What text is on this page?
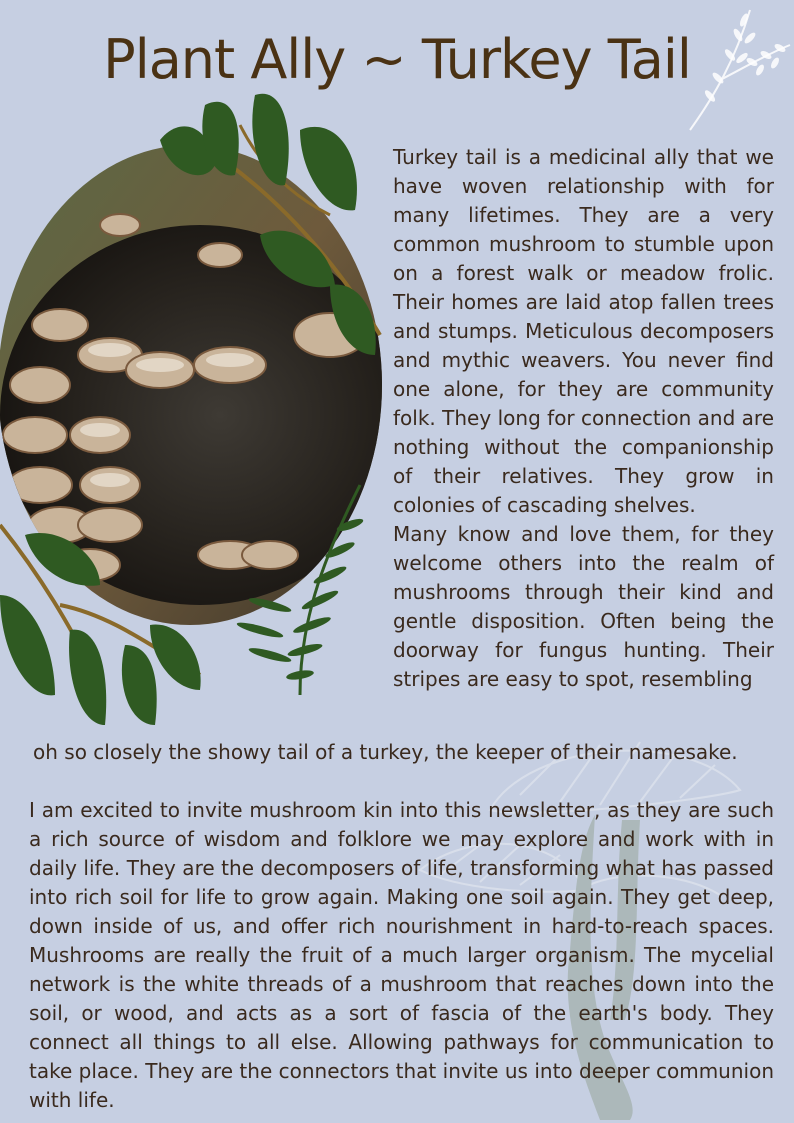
Plant Ally ~ Turkey Tail

Turkey tail is a medicinal ally that we have woven relationship with for many lifetimes. They are a very common mushroom to stumble upon on a forest walk or meadow frolic. Their homes are laid atop fallen trees and stumps. Meticulous decomposers and mythic weavers. You never find one alone, for they are community folk. They long for connection and are nothing without the companionship of their relatives. They grow in colonies of cascading shelves.

Many know and love them, for they welcome others into the realm of mushrooms through their kind and gentle disposition. Often being the doorway for fungus hunting. Their stripes are easy to spot, resembling

oh so closely the showy tail of a turkey, the keeper of their namesake.

I am excited to invite mushroom kin into this newsletter, as they are such a rich source of wisdom and folklore we may explore and work with in daily life. They are the decomposers of life, transforming what has passed into rich soil for life to grow again. Making one soil again. They get deep, down inside of us, and offer rich nourishment in hard-to-reach spaces. Mushrooms are really the fruit of a much larger organism. The mycelial network is the white threads of a mushroom that reaches down into the soil, or wood, and acts as a sort of fascia of the earth's body. They connect all things to all else. Allowing pathways for communication to take place. They are the connectors that invite us into deeper communion with life.
